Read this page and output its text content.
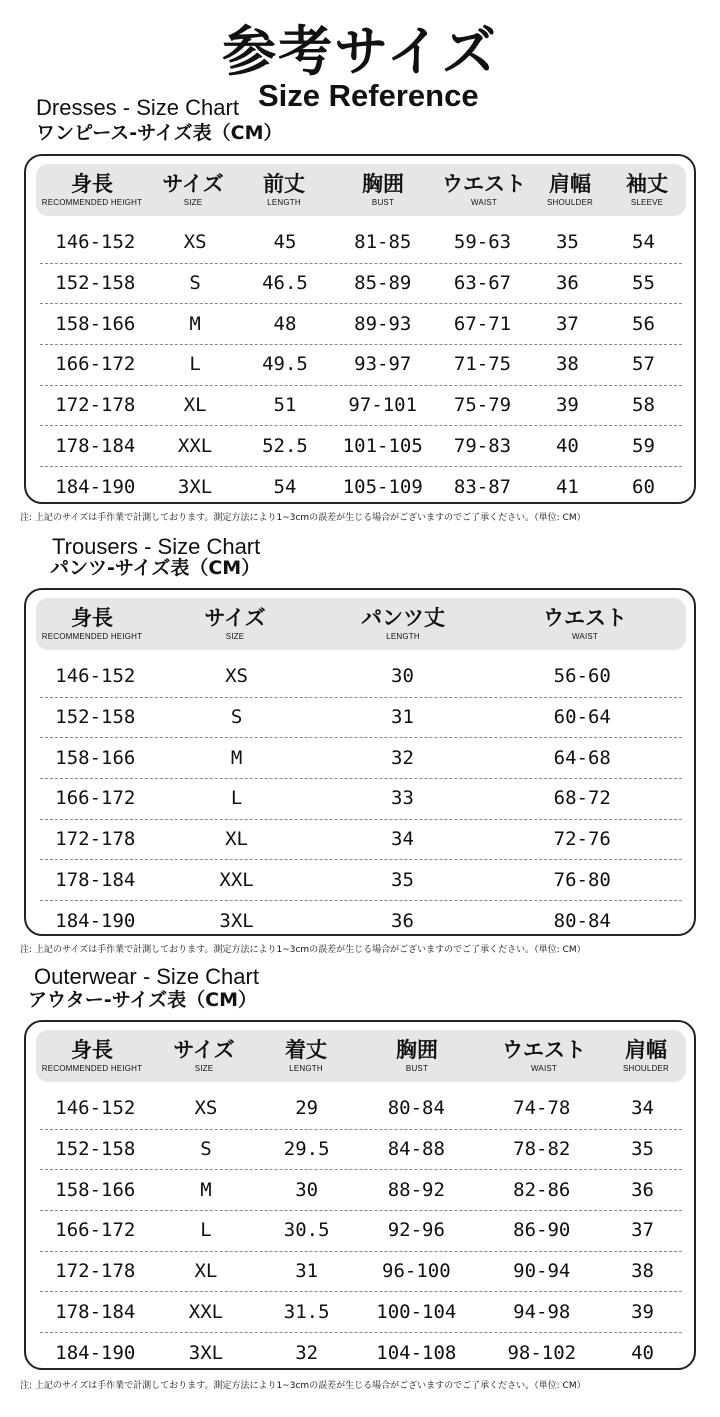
参考サイズ
Size Reference
Dresses - Size Chart
ワンピース-サイズ表（CM）
身長
RECOMMENDED HEIGHT
サイズ
SIZE
前丈
LENGTH
胸囲
BUST
ウエスト
WAIST
肩幅
SHOULDER
袖丈
SLEEVE
146-152	XS	45	81-85	59-63	35	54
152-158	S	46.5	85-89	63-67	36	55
158-166	M	48	89-93	67-71	37	56
166-172	L	49.5	93-97	71-75	38	57
172-178	XL	51	97-101	75-79	39	58
178-184	XXL	52.5	101-105	79-83	40	59
184-190	3XL	54	105-109	83-87	41	60
注: 上記のサイズは手作業で計測しております。測定方法により1~3cmの誤差が生じる場合がございますのでご了承ください。（単位: CM）
Trousers - Size Chart
パンツ-サイズ表（CM）
身長
RECOMMENDED HEIGHT
サイズ
SIZE
パンツ丈
LENGTH
ウエスト
WAIST
146-152	XS	30	56-60
152-158	S	31	60-64
158-166	M	32	64-68
166-172	L	33	68-72
172-178	XL	34	72-76
178-184	XXL	35	76-80
184-190	3XL	36	80-84
注: 上記のサイズは手作業で計測しております。測定方法により1~3cmの誤差が生じる場合がございますのでご了承ください。（単位: CM）
Outerwear - Size Chart
アウター-サイズ表（CM）
身長
RECOMMENDED HEIGHT
サイズ
SIZE
着丈
LENGTH
胸囲
BUST
ウエスト
WAIST
肩幅
SHOULDER
146-152	XS	29	80-84	74-78	34
152-158	S	29.5	84-88	78-82	35
158-166	M	30	88-92	82-86	36
166-172	L	30.5	92-96	86-90	37
172-178	XL	31	96-100	90-94	38
178-184	XXL	31.5	100-104	94-98	39
184-190	3XL	32	104-108	98-102	40
注: 上記のサイズは手作業で計測しております。測定方法により1~3cmの誤差が生じる場合がございますのでご了承ください。（単位: CM）
